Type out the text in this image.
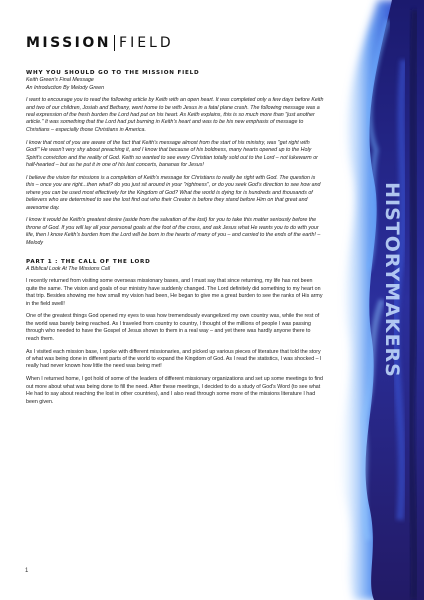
MISSION FIELD
WHY YOU SHOULD GO TO THE MISSION FIELD
Keith Green's Final Message
An Introduction By Melody Green

I want to encourage you to read the following article by Keith with an open heart. It was completed only a few days before Keith and two of our children, Josiah and Bethany, went home to be with Jesus in a fatal plane crash. The following message was a real expression of the fresh burden the Lord had put on his heart. As Keith explains, this is so much more than "just another article." It was something that the Lord had put burning in Keith's heart and was to be his new emphasis of message to Christians – especially those Christians in America.

I know that most of you are aware of the fact that Keith's message almost from the start of his ministry, was "get right with God!" He wasn't very shy about preaching it, and I know that because of his boldness, many hearts opened up to the Holy Spirit's conviction and the reality of God. Keith so wanted to see every Christian totally sold out to the Lord – not lukewarm or half-hearted – but as he put it in one of his last concerts, bananas for Jesus!

I believe the vision for missions is a completion of Keith's message for Christians to really be right with God. The question is this – once you are right...then what? do you just sit around in your "rightness", or do you seek God's direction to see how and where you can be used most effectively for the Kingdom of God? What the world is dying for is hundreds and thousands of believers who are determined to see the lost find out who their Creator is before they stand before Him on that great and awesome day.

I know it would be Keith's greatest desire (aside from the salvation of the lost) for you to take this matter seriously before the throne of God. If you will lay all your personal goals at the foot of the cross, and ask Jesus what He wants you to do with your life, then I know Keith's burden from the Lord will be born in the hearts of many of you – and carried to the ends of the earth! – Melody

PART 1 : THE CALL OF THE LORD
A Biblical Look At The Missions Call

I recently returned from visiting some overseas missionary bases, and I must say that since returning, my life has not been quite the same. The vision and goals of our ministry have suddenly changed. The Lord definitely did something to my heart on that trip. Besides showing me how small my vision had been, He began to give me a great burden to see the ranks of His army in the field swell!

One of the greatest things God opened my eyes to was how tremendously evangelized my own country was, while the rest of the world was barely being reached. As I traveled from country to country, I thought of the millions of people I was passing through who needed to have the Gospel of Jesus shown to them in a real way – and yet there was hardly anyone there to reach them.

As I visited each mission base, I spoke with different missionaries, and picked up various pieces of literature that told the story of what was being done in different parts of the world to expand the Kingdom of God. As I read the statistics, I was shocked – I really had never known how little the need was being met!

When I returned home, I got hold of some of the leaders of different missionary organizations and set up some meetings to find out more about what was being done to fill the need. After these meetings, I decided to do a study of God's Word (to see what He had to say about reaching the lost in other countries), and I also read through some more of the missions literature I had been given.

1
HISTORYMAKERS
